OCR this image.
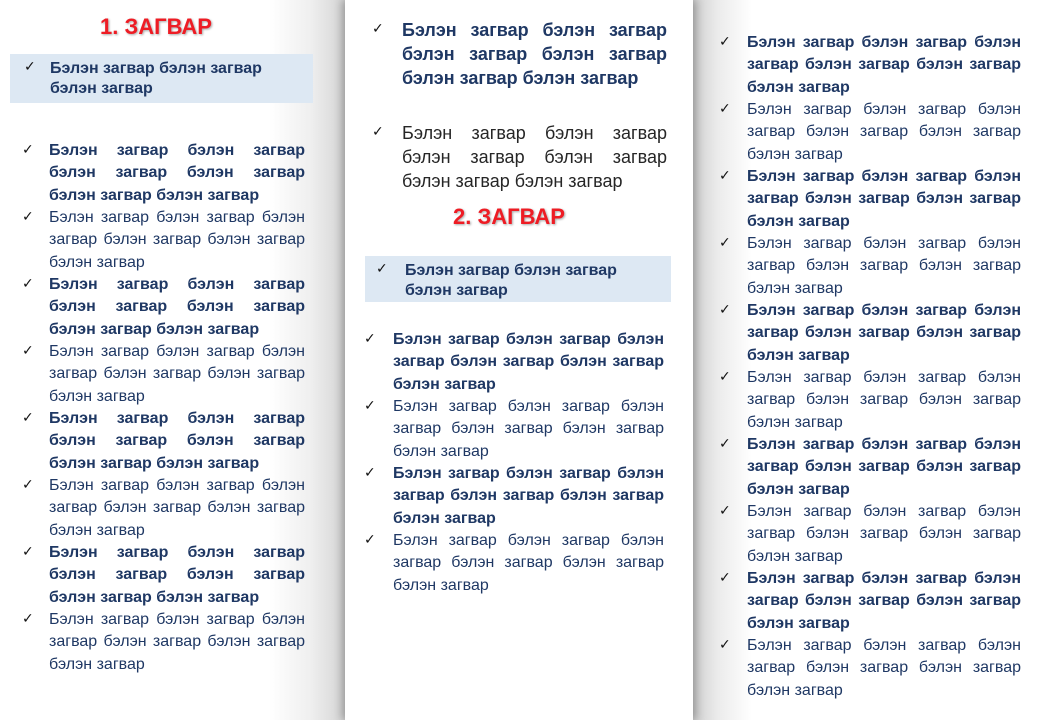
1. ЗАГВАР
✓ Бэлэн загвар бэлэн загвар бэлэн загвар

✓ Бэлэн загвар бэлэн загвар бэлэн загвар бэлэн загвар бэлэн загвар бэлэн загвар

✓ Бэлэн загвар бэлэн загвар бэлэн загвар бэлэн загвар бэлэн загвар бэлэн загвар

✓ Бэлэн загвар бэлэн загвар бэлэн загвар бэлэн загвар бэлэн загвар бэлэн загвар

✓ Бэлэн загвар бэлэн загвар бэлэн загвар бэлэн загвар бэлэн загвар бэлэн загвар

✓ Бэлэн загвар бэлэн загвар бэлэн загвар бэлэн загвар бэлэн загвар бэлэн загвар

✓ Бэлэн загвар бэлэн загвар бэлэн загвар бэлэн загвар бэлэн загвар бэлэн загвар

✓ Бэлэн загвар бэлэн загвар бэлэн загвар бэлэн загвар бэлэн загвар бэлэн загвар

✓ Бэлэн загвар бэлэн загвар бэлэн загвар бэлэн загвар бэлэн загвар бэлэн загвар

✓ Бэлэн загвар бэлэн загвар бэлэн загвар бэлэн загвар бэлэн загвар бэлэн загвар

✓ Бэлэн загвар бэлэн загвар бэлэн загвар бэлэн загвар бэлэн загвар бэлэн загвар

2. ЗАГВАР
✓ Бэлэн загвар бэлэн загвар бэлэн загвар

✓ Бэлэн загвар бэлэн загвар бэлэн загвар бэлэн загвар бэлэн загвар бэлэн загвар

✓ Бэлэн загвар бэлэн загвар бэлэн загвар бэлэн загвар бэлэн загвар бэлэн загвар

✓ Бэлэн загвар бэлэн загвар бэлэн загвар бэлэн загвар бэлэн загвар бэлэн загвар

✓ Бэлэн загвар бэлэн загвар бэлэн загвар бэлэн загвар бэлэн загвар бэлэн загвар

✓ Бэлэн загвар бэлэн загвар бэлэн загвар бэлэн загвар бэлэн загвар бэлэн загвар

✓ Бэлэн загвар бэлэн загвар бэлэн загвар бэлэн загвар бэлэн загвар бэлэн загвар

✓ Бэлэн загвар бэлэн загвар бэлэн загвар бэлэн загвар бэлэн загвар бэлэн загвар

✓ Бэлэн загвар бэлэн загвар бэлэн загвар бэлэн загвар бэлэн загвар бэлэн загвар

✓ Бэлэн загвар бэлэн загвар бэлэн загвар бэлэн загвар бэлэн загвар бэлэн загвар

✓ Бэлэн загвар бэлэн загвар бэлэн загвар бэлэн загвар бэлэн загвар бэлэн загвар

✓ Бэлэн загвар бэлэн загвар бэлэн загвар бэлэн загвар бэлэн загвар бэлэн загвар

✓ Бэлэн загвар бэлэн загвар бэлэн загвар бэлэн загвар бэлэн загвар бэлэн загвар

✓ Бэлэн загвар бэлэн загвар бэлэн загвар бэлэн загвар бэлэн загвар бэлэн загвар

✓ Бэлэн загвар бэлэн загвар бэлэн загвар бэлэн загвар бэлэн загвар бэлэн загвар
